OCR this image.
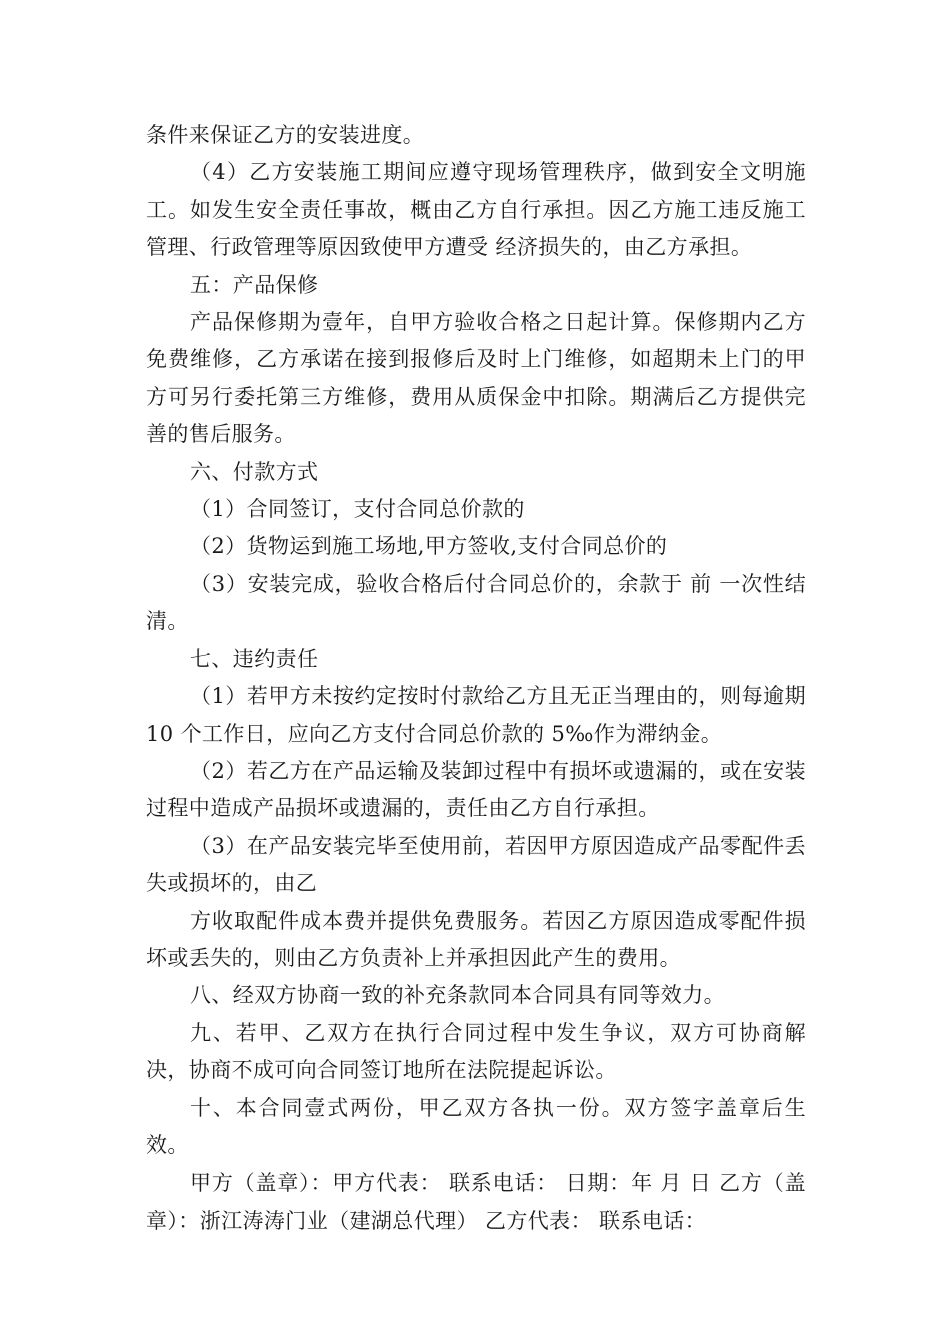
条件来保证乙方的安装进度。

（4）乙方安装施工期间应遵守现场管理秩序，做到安全文明施工。如发生安全责任事故，概由乙方自行承担。因乙方施工违反施工管理、行政管理等原因致使甲方遭受 经济损失的，由乙方承担。

五：产品保修

产品保修期为壹年，自甲方验收合格之日起计算。保修期内乙方免费维修，乙方承诺在接到报修后及时上门维修，如超期未上门的甲方可另行委托第三方维修，费用从质保金中扣除。期满后乙方提供完善的售后服务。

六、付款方式

（1）合同签订，支付合同总价款的

（2）货物运到施工场地,甲方签收,支付合同总价的

（3）安装完成，验收合格后付合同总价的，余款于 前 一次性结清。

七、违约责任

（1）若甲方未按约定按时付款给乙方且无正当理由的，则每逾期 10 个工作日，应向乙方支付合同总价款的 5‰作为滞纳金。

（2）若乙方在产品运输及装卸过程中有损坏或遗漏的，或在安装过程中造成产品损坏或遗漏的，责任由乙方自行承担。

（3）在产品安装完毕至使用前，若因甲方原因造成产品零配件丢失或损坏的，由乙

方收取配件成本费并提供免费服务。若因乙方原因造成零配件损坏或丢失的，则由乙方负责补上并承担因此产生的费用。

八、经双方协商一致的补充条款同本合同具有同等效力。

九、若甲、乙双方在执行合同过程中发生争议，双方可协商解决，协商不成可向合同签订地所在法院提起诉讼。

十、本合同壹式两份，甲乙双方各执一份。双方签字盖章后生效。

甲方（盖章）：甲方代表： 联系电话： 日期：年 月 日 乙方（盖章）：浙江涛涛门业（建湖总代理） 乙方代表： 联系电话：
